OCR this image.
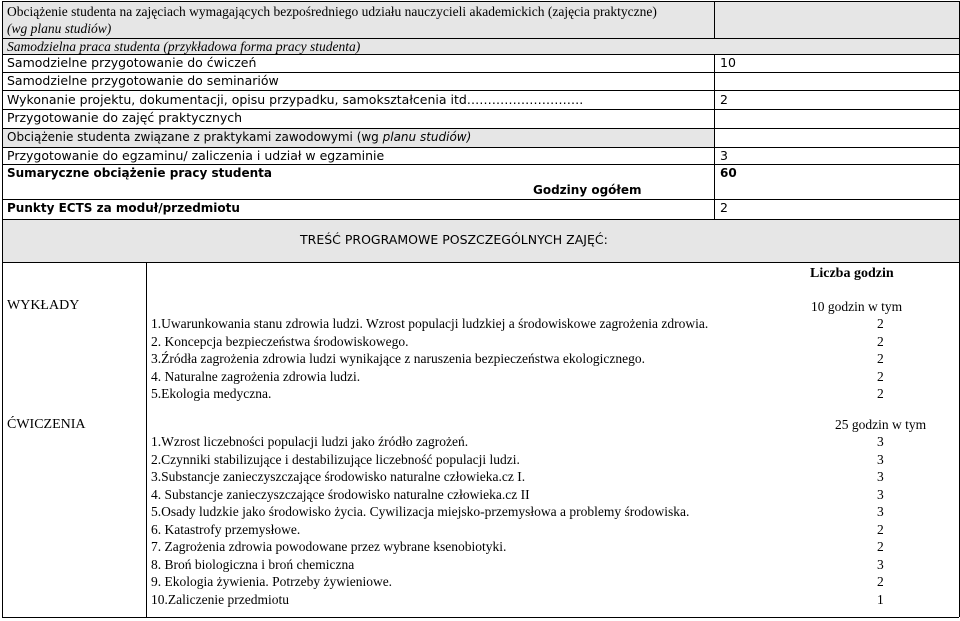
Obciążenie studenta na zajęciach wymagających bezpośredniego udziału nauczycieli akademickich (zajęcia praktyczne)
(wg planu studiów)
Samodzielna praca studenta (przykładowa forma pracy studenta)
Samodzielne przygotowanie do ćwiczeń	10
Samodzielne przygotowanie do seminariów
Wykonanie projektu, dokumentacji, opisu przypadku, samokształcenia itd……………………….	2
Przygotowanie do zajęć praktycznych
Obciążenie studenta związane z praktykami zawodowymi (wg planu studiów)
Przygotowanie do egzaminu/ zaliczenia i udział w egzaminie	3
Sumaryczne obciążenie pracy studenta	60
Godziny ogółem
Punkty ECTS za moduł/przedmiotu	2
TREŚĆ PROGRAMOWE POSZCZEGÓLNYCH ZAJĘĆ:
Liczba godzin
WYKŁADY	10 godzin w tym
1.Uwarunkowania stanu zdrowia ludzi. Wzrost populacji ludzkiej a środowiskowe zagrożenia zdrowia.	2
2. Koncepcja bezpieczeństwa środowiskowego.	2
3.Źródła zagrożenia zdrowia ludzi wynikające z naruszenia bezpieczeństwa ekologicznego.	2
4. Naturalne zagrożenia zdrowia ludzi.	2
5.Ekologia medyczna.	2
ĆWICZENIA	25 godzin w tym
1.Wzrost liczebności populacji ludzi jako źródło zagrożeń.	3
2.Czynniki stabilizujące i destabilizujące liczebność populacji ludzi.	3
3.Substancje zanieczyszczające środowisko naturalne człowieka.cz I.	3
4. Substancje zanieczyszczające środowisko naturalne człowieka.cz II	3
5.Osady ludzkie jako środowisko życia. Cywilizacja miejsko-przemysłowa a problemy środowiska.	3
6. Katastrofy przemysłowe.	2
7. Zagrożenia zdrowia powodowane przez wybrane ksenobiotyki.	2
8. Broń biologiczna i broń chemiczna	3
9. Ekologia żywienia. Potrzeby żywieniowe.	2
10.Zaliczenie przedmiotu	1
